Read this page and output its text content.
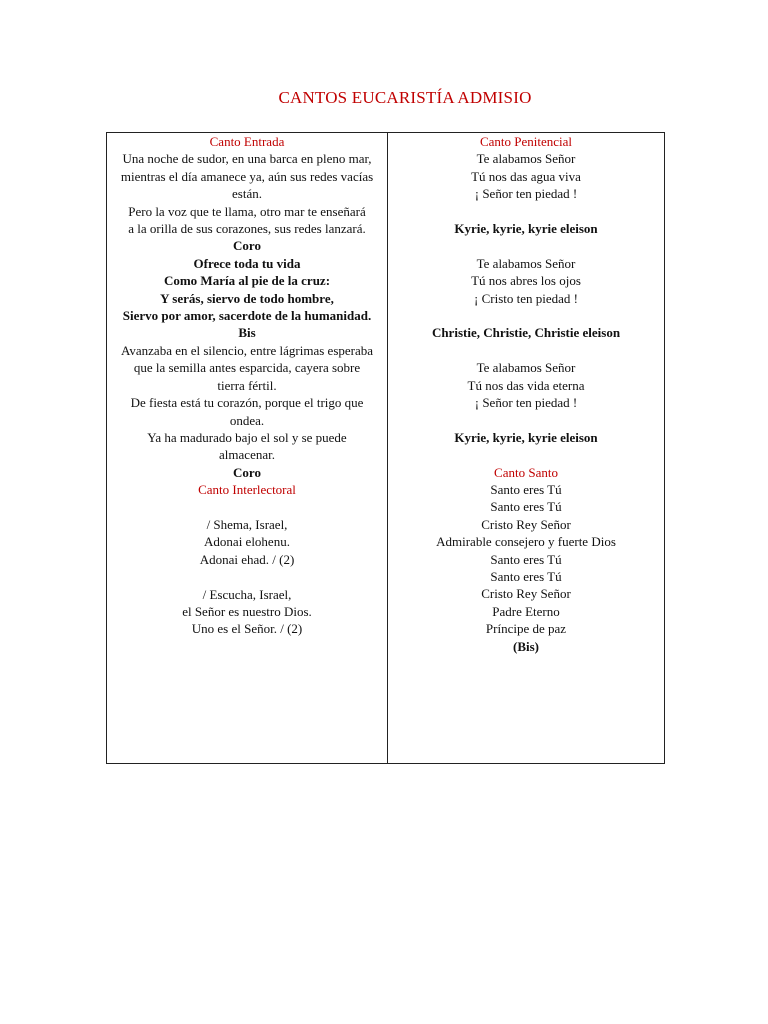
CANTOS EUCARISTÍA ADMISIO
Canto Entrada
Una noche de sudor, en una barca en pleno mar,
mientras el día amanece ya, aún sus redes vacías están.
Pero la voz que te llama, otro mar te enseñará
a la orilla de sus corazones, sus redes lanzará.
Coro
Ofrece toda tu vida
Como María al pie de la cruz:
Y serás, siervo de todo hombre,
Siervo por amor, sacerdote de la humanidad. Bis
Avanzaba en el silencio, entre lágrimas esperaba
que la semilla antes esparcida, cayera sobre
tierra fértil.
De fiesta está tu corazón, porque el trigo que ondea.
Ya ha madurado bajo el sol y se puede almacenar.
Coro
Canto Interlectoral
/ Shema, Israel,
Adonai elohenu.
Adonai ehad. / (2)
/ Escucha, Israel,
el Señor es nuestro Dios.
Uno es el Señor. / (2)
Canto Penitencial
Te alabamos Señor
Tú nos das agua viva
¡ Señor ten piedad !
Kyrie, kyrie, kyrie eleison
Te alabamos Señor
Tú nos abres los ojos
¡ Cristo ten piedad !
Christie, Christie, Christie eleison
Te alabamos Señor
Tú nos das vida eterna
¡ Señor ten piedad !
Kyrie, kyrie, kyrie eleison
Canto Santo
Santo eres Tú
Santo eres Tú
Cristo Rey Señor
Admirable consejero y fuerte Dios
Santo eres Tú
Santo eres Tú
Cristo Rey Señor
Padre Eterno
Príncipe de paz
(Bis)
